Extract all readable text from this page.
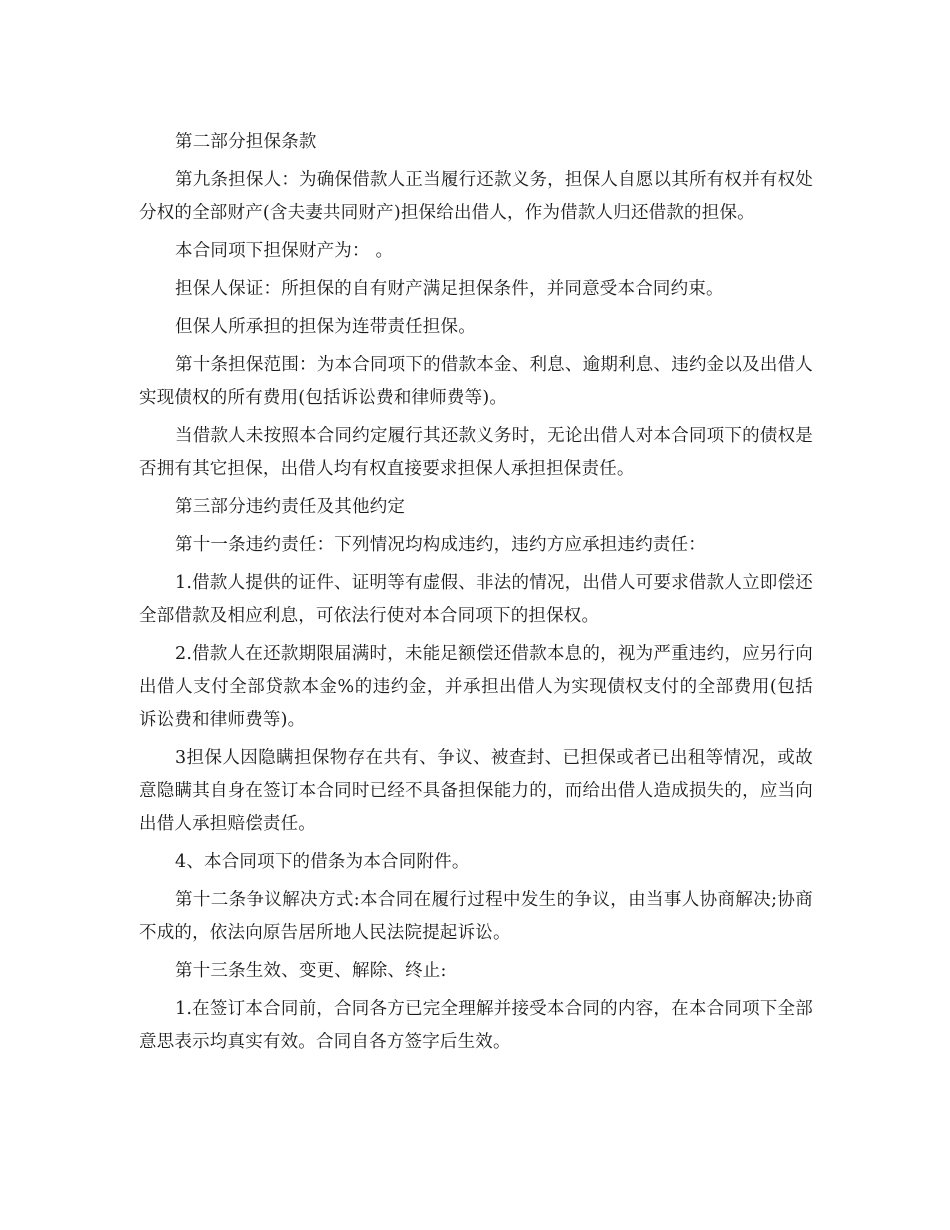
第二部分担保条款

第九条担保人：为确保借款人正当履行还款义务，担保人自愿以其所有权并有权处分权的全部财产(含夫妻共同财产)担保给出借人，作为借款人归还借款的担保。

本合同项下担保财产为： 。

担保人保证：所担保的自有财产满足担保条件，并同意受本合同约束。

但保人所承担的担保为连带责任担保。

第十条担保范围：为本合同项下的借款本金、利息、逾期利息、违约金以及出借人实现债权的所有费用(包括诉讼费和律师费等)。

当借款人未按照本合同约定履行其还款义务时，无论出借人对本合同项下的债权是否拥有其它担保，出借人均有权直接要求担保人承担担保责任。

第三部分违约责任及其他约定

第十一条违约责任：下列情况均构成违约，违约方应承担违约责任：

1.借款人提供的证件、证明等有虚假、非法的情况，出借人可要求借款人立即偿还全部借款及相应利息，可依法行使对本合同项下的担保权。

2.借款人在还款期限届满时，未能足额偿还借款本息的，视为严重违约，应另行向出借人支付全部贷款本金%的违约金，并承担出借人为实现债权支付的全部费用(包括诉讼费和律师费等)。

3担保人因隐瞒担保物存在共有、争议、被查封、已担保或者已出租等情况，或故意隐瞒其自身在签订本合同时已经不具备担保能力的，而给出借人造成损失的，应当向出借人承担赔偿责任。

4、本合同项下的借条为本合同附件。

第十二条争议解决方式:本合同在履行过程中发生的争议，由当事人协商解决;协商不成的，依法向原告居所地人民法院提起诉讼。

第十三条生效、变更、解除、终止:

1.在签订本合同前，合同各方已完全理解并接受本合同的内容，在本合同项下全部意思表示均真实有效。合同自各方签字后生效。
